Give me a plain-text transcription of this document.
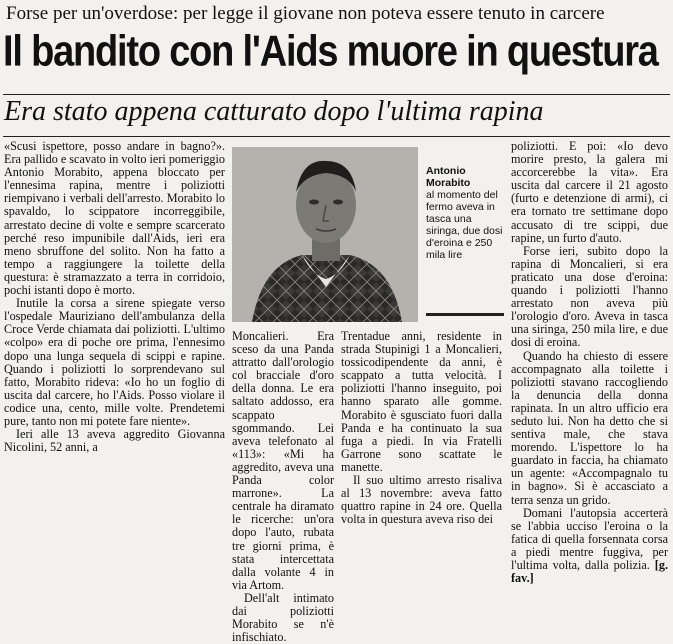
Forse per un'overdose: per legge il giovane non poteva essere tenuto in carcere
Il bandito con l'Aids muore in questura
Era stato appena catturato dopo l'ultima rapina

«Scusi ispettore, posso andare in bagno?». Era pallido e scavato in volto ieri pomeriggio Antonio Morabito, appena bloccato per l'ennesima rapina, mentre i poliziotti riempivano i verbali dell'arresto. Morabito lo spavaldo, lo scippatore incorreggibile, arrestato decine di volte e sempre scarcerato perché reso impunibile dall'Aids, ieri era meno sbruffone del solito. Non ha fatto a tempo a raggiungere la toilette della questura: è stramazzato a terra in corridoio, pochi istanti dopo è morto.

Inutile la corsa a sirene spiegate verso l'ospedale Mauriziano dell'ambulanza della Croce Verde chiamata dai poliziotti. L'ultimo «colpo» era di poche ore prima, l'ennesimo dopo una lunga sequela di scippi e rapine. Quando i poliziotti lo sorprendevano sul fatto, Morabito rideva: «Io ho un foglio di uscita dal carcere, ho l'Aids. Posso violare il codice una, cento, mille volte. Prendetemi pure, tanto non mi potete fare niente».

Ieri alle 13 aveva aggredito Giovanna Nicolini, 52 anni, a

Antonio Morabito
al momento del fermo aveva in tasca una siringa, due dosi d'eroina e 250 mila lire

Moncalieri. Era sceso da una Panda attratto dall'orologio col bracciale d'oro della donna. Le era saltato addosso, era scappato sgommando. Lei aveva telefonato al «113»: «Mi ha aggredito, aveva una Panda color marrone». La centrale ha diramato le ricerche: un'ora dopo l'auto, rubata tre giorni prima, è stata intercettata dalla volante 4 in via Artom.

Dell'alt intimato dai poliziotti Morabito se n'è infischiato.

Trentadue anni, residente in strada Stupinigi 1 a Moncalieri, tossicodipendente da anni, è scappato a tutta velocità. I poliziotti l'hanno inseguito, poi hanno sparato alle gomme. Morabito è sgusciato fuori dalla Panda e ha continuato la sua fuga a piedi. In via Fratelli Garrone sono scattate le manette.

Il suo ultimo arresto risaliva al 13 novembre: aveva fatto quattro rapine in 24 ore. Quella volta in questura aveva riso dei

poliziotti. E poi: «Io devo morire presto, la galera mi accorcerebbe la vita». Era uscita dal carcere il 21 agosto (furto e detenzione di armi), ci era tornato tre settimane dopo accusato di tre scippi, due rapine, un furto d'auto.

Forse ieri, subito dopo la rapina di Moncalieri, si era praticato una dose d'eroina: quando i poliziotti l'hanno arrestato non aveva più l'orologio d'oro. Aveva in tasca una siringa, 250 mila lire, e due dosi di eroina.

Quando ha chiesto di essere accompagnato alla toilette i poliziotti stavano raccogliendo la denuncia della donna rapinata. In un altro ufficio era seduto lui. Non ha detto che si sentiva male, che stava morendo. L'ispettore lo ha guardato in faccia, ha chiamato un agente: «Accompagnalo tu in bagno». Si è accasciato a terra senza un grido.

Domani l'autopsia accerterà se l'abbia ucciso l'eroina o la fatica di quella forsennata corsa a piedi mentre fuggiva, per l'ultima volta, dalla polizia. [g. fav.]
